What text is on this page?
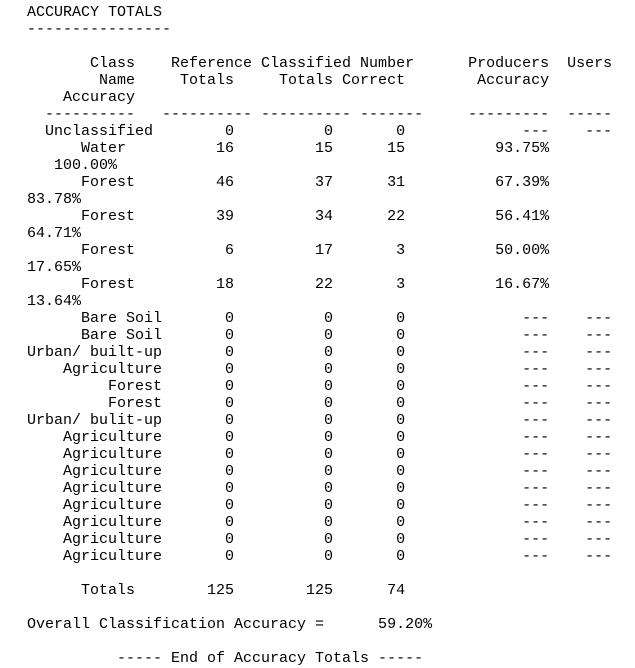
ACCURACY TOTALS
----------------
Class    Reference Classified Number      Producers  Users
Name     Totals     Totals Correct        Accuracy
Accuracy
----------   ---------- ---------- -------     ---------  -----
Unclassified        0          0       0             ---    ---
Water          16         15      15          93.75%
100.00%
Forest         46         37      31          67.39%
83.78%
Forest         39         34      22          56.41%
64.71%
Forest          6         17       3          50.00%
17.65%
Forest         18         22       3          16.67%
13.64%
Bare Soil       0          0       0             ---    ---
Bare Soil       0          0       0             ---    ---
Urban/ built-up       0          0       0             ---    ---
Agriculture       0          0       0             ---    ---
Forest       0          0       0             ---    ---
Forest       0          0       0             ---    ---
Urban/ bulit-up       0          0       0             ---    ---
Agriculture       0          0       0             ---    ---
Agriculture       0          0       0             ---    ---
Agriculture       0          0       0             ---    ---
Agriculture       0          0       0             ---    ---
Agriculture       0          0       0             ---    ---
Agriculture       0          0       0             ---    ---
Agriculture       0          0       0             ---    ---
Agriculture       0          0       0             ---    ---
Totals        125        125      74
Overall Classification Accuracy =      59.20%
----- End of Accuracy Totals -----
